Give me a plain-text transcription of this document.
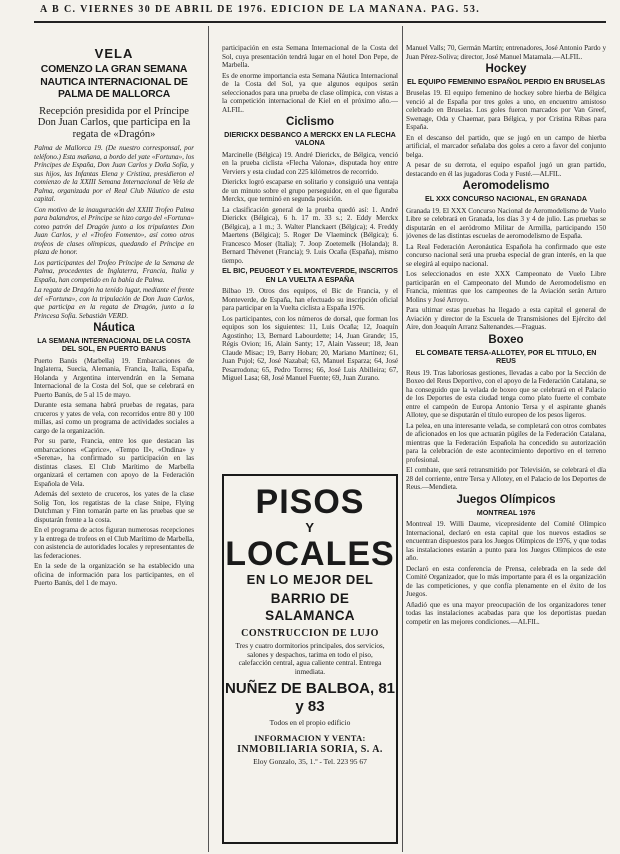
A B C. VIERNES 30 DE ABRIL DE 1976. EDICION DE LA MAÑANA. PAG. 53.
VELA
COMENZO LA GRAN SEMANA NAUTICA INTERNACIONAL DE PALMA DE MALLORCA
Recepción presidida por el Príncipe Don Juan Carlos, que participa en la regata de «Dragón»

Palma de Mallorca 19. (De nuestro corresponsal, por teléfono.) Esta mañana, a bordo del yate «Fortuna», los Príncipes de España, Don Juan Carlos y Doña Sofía, y sus hijos, las Infantas Elena y Cristina, presidieron el comienzo de la XXIII Semana Internacional de Vela de Palma, organizada por el Real Club Náutico de esta capital.

Con motivo de la inauguración del XXIII Trofeo Palma para balandros, el Príncipe se hizo cargo del «Fortuna» como patrón del Dragón junto a los tripulantes Don Juan Carlos, y el «Trofeo Fomento», así como otros trofeos de clases olímpicas, quedando el Príncipe en plaza de honor.

Los participantes del Trofeo Príncipe de la Semana de Palma, procedentes de Inglaterra, Francia, Italia y España, han competido en la bahía de Palma.

La regata de Dragón ha tenido lugar, mediante el frente del «Fortuna», con la tripulación de Don Juan Carlos, que participa en la regata de Dragón, junto a la Princesa Sofía. Sebastián VERD.

Náutica
LA SEMANA INTERNACIONAL DE LA COSTA DEL SOL, EN PUERTO BANUS

Puerto Banús (Marbella) 19. Embarcaciones de Inglaterra, Suecia, Alemania, Francia, Italia, España, Holanda y Argentina intervendrán en la Semana Internacional de la Costa del Sol, que se celebrará en Puerto Banús, de 5 al 15 de mayo.

Durante esta semana habrá pruebas de regatas, para cruceros y yates de vela, con recorridos entre 80 y 100 millas, así como un programa de actividades sociales a cargo de la organización.

Por su parte, Francia, entre los que destacan las embarcaciones «Caprice», «Tempo II», «Ondina» y «Serena», ha confirmado su participación en las distintas clases. El Club Marítimo de Marbella organizará el certamen con apoyo de la Federación Española de Vela.

Además del sexteto de cruceros, los yates de la clase Solig Ton, los regatistas de la clase Snipe, Flying Dutchman y Finn tomarán parte en las pruebas que se disputarán frente a la costa.

En el programa de actos figuran numerosas recepciones y la entrega de trofeos en el Club Marítimo de Marbella, con asistencia de autoridades locales y representantes de las federaciones.

En la sede de la organización se ha establecido una oficina de información para los participantes, en el Puerto Banús, del 1 de mayo.

participación en esta Semana Internacional de la Costa del Sol, cuya presentación tendrá lugar en el hotel Don Pepe, de Marbella.

Es de enorme importancia esta Semana Náutica Internacional de la Costa del Sol, ya que algunos equipos serán seleccionados para una prueba de clase olímpica, con vistas a la competición internacional de Kiel en el próximo año.—ALFIL.

Ciclismo
DIERICKX DESBANCO A MERCKX EN LA FLECHA VALONA

Marcinelle (Bélgica) 19. André Dierickx, de Bélgica, venció en la prueba ciclista «Flecha Valona», disputada hoy entre Verviers y esta ciudad con 225 kilómetros de recorrido.

Dierickx logró escaparse en solitario y consiguió una ventaja de un minuto sobre el grupo perseguidor, en el que figuraba Merckx, que terminó en segunda posición.

La clasificación general de la prueba quedó así: 1. André Dierickx (Bélgica), 6 h. 17 m. 33 s.; 2. Eddy Merckx (Bélgica), a 1 m.; 3. Walter Planckaert (Bélgica); 4. Freddy Maertens (Bélgica); 5. Roger De Vlaeminck (Bélgica); 6. Francesco Moser (Italia); 7. Joop Zoetemelk (Holanda); 8. Bernard Thévenet (Francia); 9. Luis Ocaña (España), mismo tiempo.

EL BIC, PEUGEOT Y EL MONTEVERDE, INSCRITOS EN LA VUELTA A ESPAÑA

Bilbao 19. Otros dos equipos, el Bic de Francia, y el Monteverde, de España, han efectuado su inscripción oficial para participar en la Vuelta ciclista a España 1976.

Los participantes, con los números de dorsal, que forman los equipos son los siguientes: 11, Luis Ocaña; 12, Joaquín Agostinho; 13, Bernard Labourdette; 14, Juan Grande; 15, Régis Ovion; 16, Alain Santy; 17, Alain Vasseur; 18, Jean Claude Misac; 19, Barry Hoban; 20, Mariano Martínez; 61, Juan Pujol; 62, José Nazabal; 63, Manuel Esparza; 64, José Pesarrodona; 65, Pedro Torres; 66, José Luis Abilleira; 67, Miguel Lasa; 68, José Manuel Fuente; 69, Juan Zurano.

PISOS
Y
LOCALES
EN LO MEJOR DEL
BARRIO DE SALAMANCA
CONSTRUCCION DE LUJO
Tres y cuatro dormitorios principales, dos servicios, salones y despachos, tarima en todo el piso, calefacción central, agua caliente central. Entrega inmediata.
NUÑEZ DE BALBOA, 81 y 83
Todos en el propio edificio
INFORMACION Y VENTA:
INMOBILIARIA SORIA, S. A.
Eloy Gonzalo, 35, 1.º - Tel. 223 95 67

Manuel Valls; 70, Germán Martín; entrenadores, José Antonio Pardo y Juan Pérez-Soliva; director, José Manuel Matamala.—ALFIL.

Hockey
EL EQUIPO FEMENINO ESPAÑOL PERDIO EN BRUSELAS

Bruselas 19. El equipo femenino de hockey sobre hierba de Bélgica venció al de España por tres goles a uno, en encuentro amistoso celebrado en Bruselas. Los goles fueron marcados por Van Greef, Swenage, Oda y Chaemar, para Bélgica, y por Cristina Ribas para España.

En el descanso del partido, que se jugó en un campo de hierba artificial, el marcador señalaba dos goles a cero a favor del conjunto belga.

A pesar de su derrota, el equipo español jugó un gran partido, destacando en él las jugadoras Coda y Fusté.—ALFIL.

Aeromodelismo
EL XXX CONCURSO NACIONAL, EN GRANADA

Granada 19. El XXX Concurso Nacional de Aeromodelismo de Vuelo Libre se celebrará en Granada, los días 3 y 4 de julio. Las pruebas se disputarán en el aeródromo Militar de Armilla, participando 150 jóvenes de las distintas escuelas de aeromodelismo de España.

La Real Federación Aeronáutica Española ha confirmado que este concurso nacional será una prueba especial de gran interés, en la que se elegirá al equipo nacional.

Los seleccionados en este XXX Campeonato de Vuelo Libre participarán en el Campeonato del Mundo de Aeromodelismo en Francia, mientras que los campeones de la Aviación serán Arturo Molins y José Arroyo.

Para ultimar estas pruebas ha llegado a esta capital el general de Aviación y director de la Escuela de Transmisiones del Ejército del Aire, don Joaquín Arranz Saltenandes.—Fraguas.

Boxeo
EL COMBATE TERSA-ALLOTEY, POR EL TITULO, EN REUS

Reus 19. Tras laboriosas gestiones, llevadas a cabo por la Sección de Boxeo del Reus Deportivo, con el apoyo de la Federación Catalana, se ha conseguido que la velada de boxeo que se celebrará en el Palacio de los Deportes de esta ciudad tenga como plato fuerte el combate entre el campeón de Europa Antonio Tersa y el aspirante ghanés Allotey, que se disputarán el título europeo de los pesos ligeros.

La pelea, en una interesante velada, se completará con otros combates de aficionados en los que actuarán púgiles de la Federación Catalana, mientras que la Federación Española ha concedido su autorización para la celebración de este acontecimiento deportivo en el terreno profesional.

El combate, que será retransmitido por Televisión, se celebrará el día 28 del corriente, entre Tersa y Allotey, en el Palacio de los Deportes de Reus.—Mendieta.

Juegos Olímpicos
MONTREAL 1976

Montreal 19. Willi Daume, vicepresidente del Comité Olímpico Internacional, declaró en esta capital que los nuevos estadios se encuentran dispuestos para los Juegos Olímpicos de 1976, y que todas las instalaciones estarán a punto para los Juegos Olímpicos de este año.

Declaró en esta conferencia de Prensa, celebrada en la sede del Comité Organizador, que lo más importante para él es la organización de las competiciones, y que confía plenamente en el éxito de los Juegos.

Añadió que es una mayor preocupación de los organizadores tener todas las instalaciones acabadas para que los deportistas puedan competir en las mejores condiciones.—ALFIL.
